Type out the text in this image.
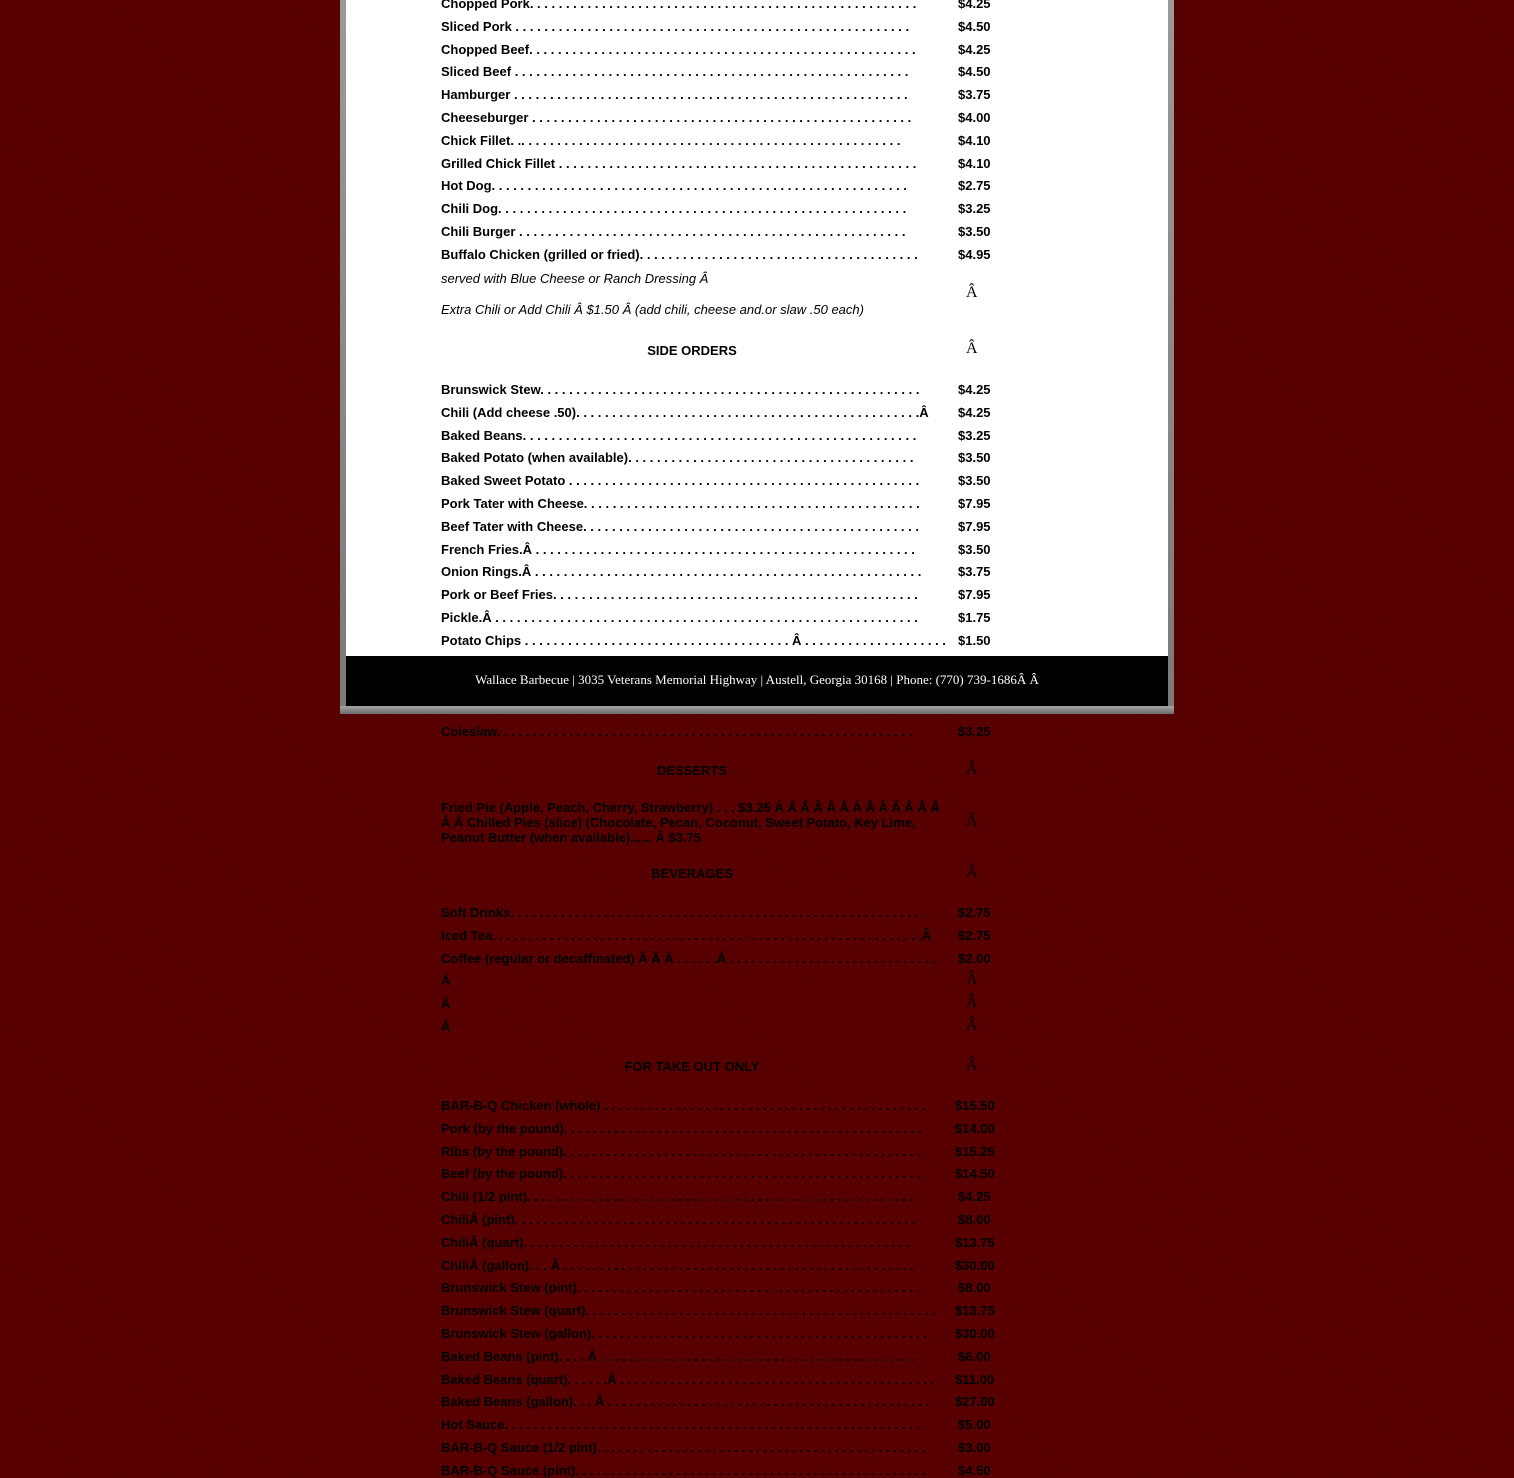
Coleslaw. . . . . . . . . . . . . . . . . . . . . . . . . . . . . . . . . . . . . . . . . . . . . . . . . . . . . . . . . .	$3.25
DESSERTS	Â
Fried Pie (Apple, Peach, Cherry, Strawberry) . . . $3.25 Â Â Â Â Â Â Â Â Â Â Â Â Â Â Â Chilled Pies (slice) (Chocolate, Pecan, Coconut, Sweet Potato, Key Lime, Peanut Butter (when available)...... Â $3.75
Â
BEVERAGES	Â
Soft Drinks. . . . . . . . . . . . . . . . . . . . . . . . . . . . . . . . . . . . . . . . . . . . . . . . . . . . . . . . .	$2.75
Iced Tea. . . . . . . . . . . . . . . . . . . . . . . . . . . . . . . . . . . . . . . . . . . . . . . . . . . . . . . . . . . .Â $2.75
Coffee (regular or decaffinated) Â Â Â . . . . . .Â . . . . . . . . . . . . . . . . . . . . . . . . . . . . . $2.00
Â	Â
Â	Â
Â	Â
FOR TAKE OUT ONLY	Â
BAR-B-Q Chicken (whole) . . . . . . . . . . . . . . . . . . . . . . . . . . . . . . . . . . . . . . . . . . . . . $15.50
Pork (by the pound). . . . . . . . . . . . . . . . . . . . . . . . . . . . . . . . . . . . . . . . . . . . . . . . . .	$14.00
Ribs (by the pound). . . . . . . . . . . . . . . . . . . . . . . . . . . . . . . . . . . . . . . . . . . . . . . . . .	$15.25
Beef (by the pound). . . . . . . . . . . . . . . . . . . . . . . . . . . . . . . . . . . . . . . . . . . . . . . . . .	$14.50
Chili (1/2 pint). . . . . . . . . . . . . . . . . . . . . . . . . . . . . . . . . . . . . . . . . . . . . . . . . . . . . .	$4.25
ChiliÂ (pint). . . . . . . . . . . . . . . . . . . . . . . . . . . . . . . . . . . . . . . . . . . . . . . . . . . . . . . .	$8.00
ChiliÂ (quart). . . . . . . . . . . . . . . . . . . . . . . . . . . . . . . . . . . . . . . . . . . . . . . . . . . . . .	$13.75
ChiliÂ (gallon). . . Â . . . . . . . . . . . . . . . . . . . . . . . . . . . . . . . . . . . . . . . . . . . . . . . . .	$30.00
Brunswick Stew (pint). . . . . . . . . . . . . . . . . . . . . . . . . . . . . . . . . . . . . . . . . . . . . . . .	$8.00
Brunswick Stew (quart). . . . . . . . . . . . . . . . . . . . . . . . . . . . . . . . . . . . . . . . . . . . . . . . . $13.75
Brunswick Stew (gallon). . . . . . . . . . . . . . . . . . . . . . . . . . . . . . . . . . . . . . . . . . . . . . . $30.00
Baked Beans (pint). . . . Â . . . . . . . . . . . . . . . . . . . . . . . . . . . . . . . . . . . . . . . . . . . .	$6.00
Baked Beans (quart). . . . . .Â . . . . . . . . . . . . . . . . . . . . . . . . . . . . . . . . . . . . . . . . . . . . $11.00
Baked Beans (gallon). . . Â . . . . . . . . . . . . . . . . . . . . . . . . . . . . . . . . . . . . . . . . . . . . . $27.00
Hot Sauce. . . . . . . . . . . . . . . . . . . . . . . . . . . . . . . . . . . . . . . . . . . . . . . . . . . . . . . . . .	$5.00
BAR-B-Q Sauce (1/2 pint). . . . . . . . . . . . . . . . . . . . . . . . . . . . . . . . . . . . . . . . . . . . . . $3.00
BAR-B-Q Sauce (pint). . . . . . . . . . . . . . . . . . . . . . . . . . . . . . . . . . . . . . . . . . . . . . . . . $4.50
Chopped Pork. . . . . . . . . . . . . . . . . . . . . . . . . . . . . . . . . . . . . . . . . . . . . . . . . . . . . .	$4.25
Sliced Pork . . . . . . . . . . . . . . . . . . . . . . . . . . . . . . . . . . . . . . . . . . . . . . . . . . . . . . .	$4.50
Chopped Beef. . . . . . . . . . . . . . . . . . . . . . . . . . . . . . . . . . . . . . . . . . . . . . . . . . . . . .	$4.25
Sliced Beef . . . . . . . . . . . . . . . . . . . . . . . . . . . . . . . . . . . . . . . . . . . . . . . . . . . . . . .	$4.50
Hamburger . . . . . . . . . . . . . . . . . . . . . . . . . . . . . . . . . . . . . . . . . . . . . . . . . . . . . . .	$3.75
Cheeseburger . . . . . . . . . . . . . . . . . . . . . . . . . . . . . . . . . . . . . . . . . . . . . . . . . . . . .	$4.00
Chick Fillet. .. . . . . . . . . . . . . . . . . . . . . . . . . . . . . . . . . . . . . . . . . . . . . . . . . . . . .	$4.10
Grilled Chick Fillet . . . . . . . . . . . . . . . . . . . . . . . . . . . . . . . . . . . . . . . . . . . . . . . . . .	$4.10
Hot Dog. . . . . . . . . . . . . . . . . . . . . . . . . . . . . . . . . . . . . . . . . . . . . . . . . . . . . . . . . .	$2.75
Chili Dog. . . . . . . . . . . . . . . . . . . . . . . . . . . . . . . . . . . . . . . . . . . . . . . . . . . . . . . . .	$3.25
Chili Burger . . . . . . . . . . . . . . . . . . . . . . . . . . . . . . . . . . . . . . . . . . . . . . . . . . . . . .	$3.50
Buffalo Chicken (grilled or fried). . . . . . . . . . . . . . . . . . . . . . . . . . . . . . . . . . . . . . .	$4.95
served with Blue Cheese or Ranch Dressing Â
Â
Extra Chili or Add Chili Â $1.50 Â (add chili, cheese and.or slaw .50 each)
SIDE ORDERS	Â
Brunswick Stew. . . . . . . . . . . . . . . . . . . . . . . . . . . . . . . . . . . . . . . . . . . . . . . . . . . . .	$4.25
Chili (Add cheese .50). . . . . . . . . . . . . . . . . . . . . . . . . . . . . . . . . . . . . . . . . . . . . . . .Â $4.25
Baked Beans. . . . . . . . . . . . . . . . . . . . . . . . . . . . . . . . . . . . . . . . . . . . . . . . . . . . . . .	$3.25
Baked Potato (when available). . . . . . . . . . . . . . . . . . . . . . . . . . . . . . . . . . . . . . . .	$3.50
Baked Sweet Potato . . . . . . . . . . . . . . . . . . . . . . . . . . . . . . . . . . . . . . . . . . . . . . . . .	$3.50
Pork Tater with Cheese. . . . . . . . . . . . . . . . . . . . . . . . . . . . . . . . . . . . . . . . . . . . . . .	$7.95
Beef Tater with Cheese. . . . . . . . . . . . . . . . . . . . . . . . . . . . . . . . . . . . . . . . . . . . . . .	$7.95
French Fries.Â . . . . . . . . . . . . . . . . . . . . . . . . . . . . . . . . . . . . . . . . . . . . . . . . . . . . .	$3.50
Onion Rings.Â . . . . . . . . . . . . . . . . . . . . . . . . . . . . . . . . . . . . . . . . . . . . . . . . . . . . . .	$3.75
Pork or Beef Fries. . . . . . . . . . . . . . . . . . . . . . . . . . . . . . . . . . . . . . . . . . . . . . . . . . .	$7.95
Pickle.Â . . . . . . . . . . . . . . . . . . . . . . . . . . . . . . . . . . . . . . . . . . . . . . . . . . . . . . . . . . .	$1.75
Potato Chips . . . . . . . . . . . . . . . . . . . . . . . . . . . . . . . . . . . . . Â . . . . . . . . . . . . . . . . . . . . $1.50
Wallace Barbecue | 3035 Veterans Memorial Highway | Austell, Georgia 30168 | Phone: (770) 739-1686Â Â
